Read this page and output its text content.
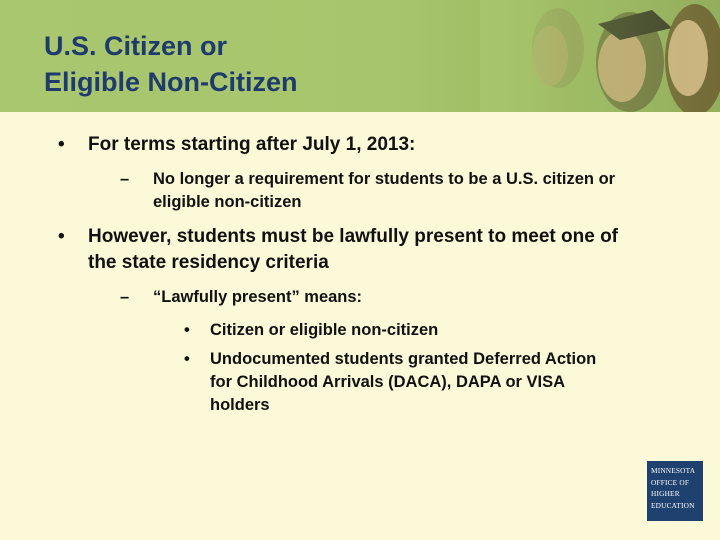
U.S. Citizen or
Eligible Non-Citizen
•	For terms starting after July 1, 2013:
–	No longer a requirement for students to be a U.S. citizen or eligible non-citizen
•	However, students must be lawfully present to meet one of the state residency criteria
–	“Lawfully present” means:
•	Citizen or eligible non-citizen
•	Undocumented students granted Deferred Action for Childhood Arrivals (DACA), DAPA or VISA holders
MINNESOTA
OFFICE OF
HIGHER
EDUCATION
